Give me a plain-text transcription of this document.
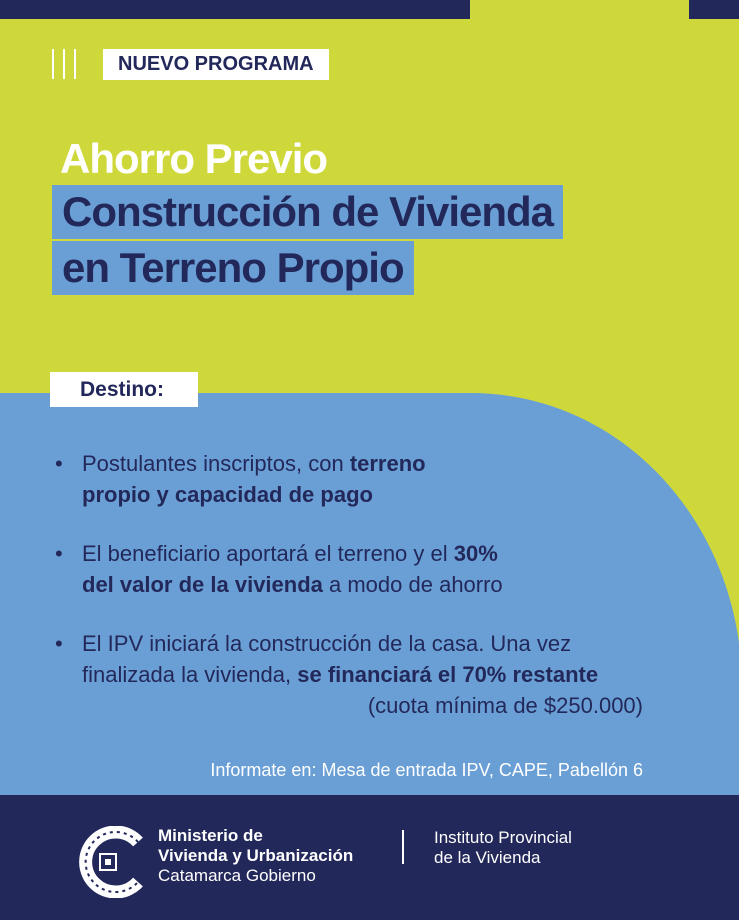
NUEVO PROGRAMA
Ahorro Previo
Construcción de Vivienda
en Terreno Propio
Destino:
• Postulantes inscriptos, con terreno
propio y capacidad de pago
• El beneficiario aportará el terreno y el 30%
del valor de la vivienda a modo de ahorro
• El IPV iniciará la construcción de la casa. Una vez
finalizada la vivienda, se financiará el 70% restante
(cuota mínima de $250.000)
Informate en: Mesa de entrada IPV, CAPE, Pabellón 6
Ministerio de
Vivienda y Urbanización
Catamarca Gobierno
Instituto Provincial
de la Vivienda
